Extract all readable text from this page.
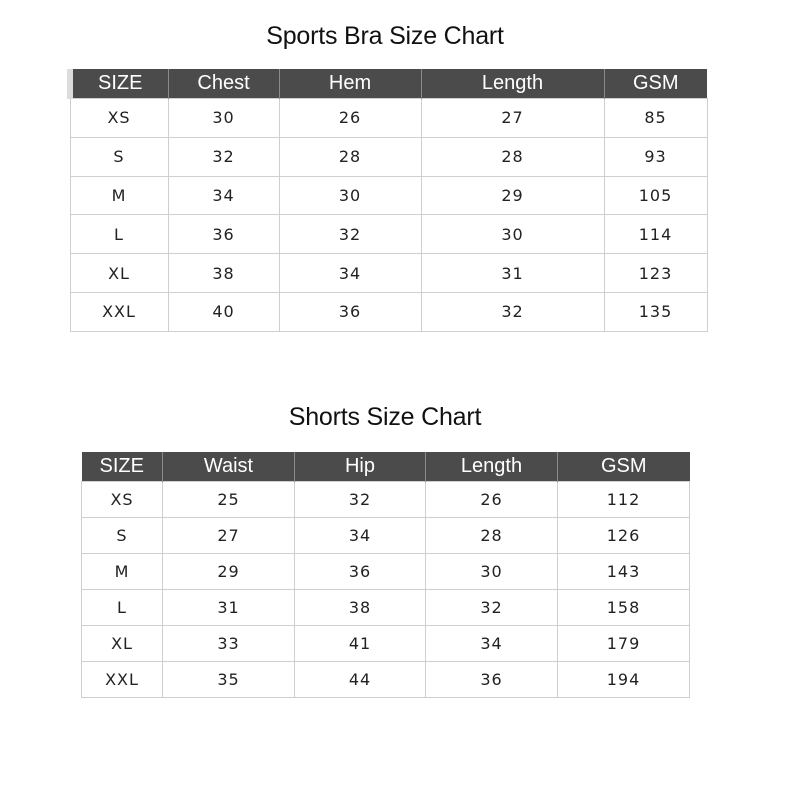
Sports Bra Size Chart
SIZE	Chest	Hem	Length	GSM
XS	30	26	27	85
S	32	28	28	93
M	34	30	29	105
L	36	32	30	114
XL	38	34	31	123
XXL	40	36	32	135
Shorts Size Chart
SIZE	Waist	Hip	Length	GSM
XS	25	32	26	112
S	27	34	28	126
M	29	36	30	143
L	31	38	32	158
XL	33	41	34	179
XXL	35	44	36	194
